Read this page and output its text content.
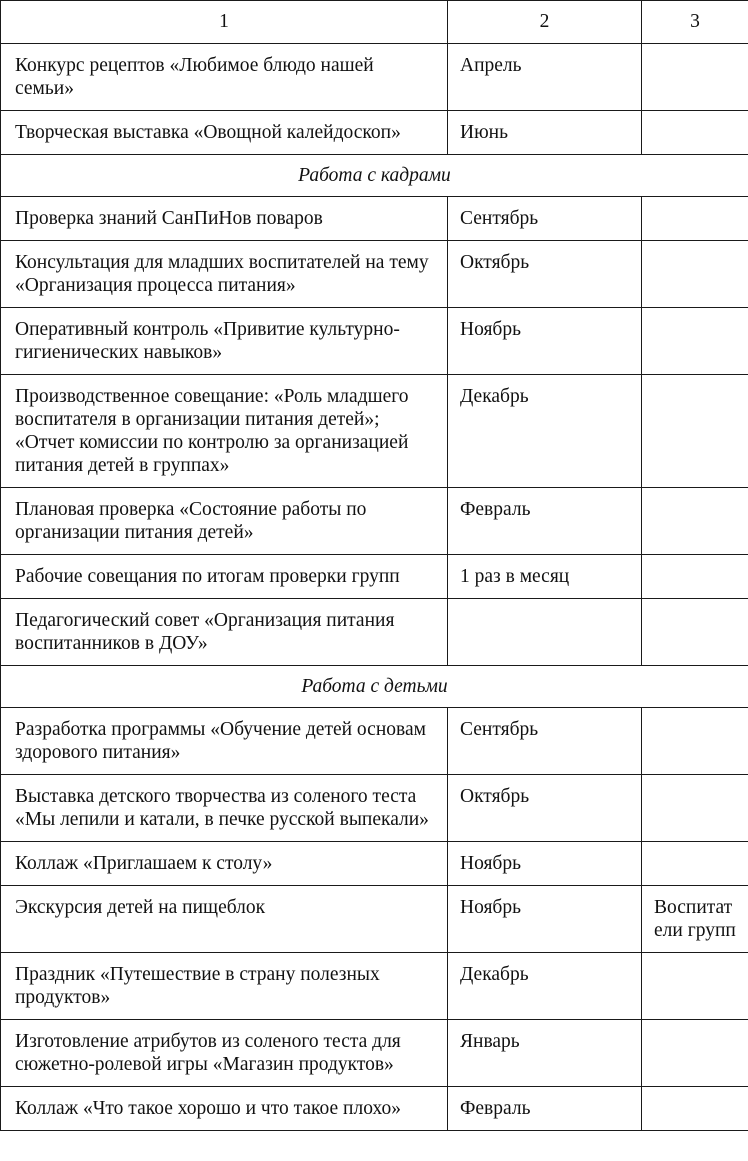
1	2	3
Конкурс рецептов «Любимое блюдо нашей семьи»	Апрель	
Творческая выставка «Овощной калейдоскоп»	Июнь	
Работа с кадрами		
Проверка знаний СанПиНов поваров	Сентябрь	
Консультация для младших воспитателей на тему «Организация процесса питания»	Октябрь	
Оперативный контроль «Привитие культурно-гигиенических навыков»	Ноябрь	
Производственное совещание: «Роль младшего воспитателя в организации питания детей»; «Отчет комиссии по контролю за организацией питания детей в группах»	Декабрь	
Плановая проверка «Состояние работы по организации питания детей»	Февраль	
Рабочие совещания по итогам проверки групп	1 раз в месяц	
Педагогический совет «Организация питания воспитанников в ДОУ»		
Работа с детьми		
Разработка программы «Обучение детей основам здорового питания»	Сентябрь	
Выставка детского творчества из соленого теста «Мы лепили и катали, в печке русской выпекали»	Октябрь	
Коллаж «Приглашаем к столу»	Ноябрь	
Экскурсия детей на пищеблок	Ноябрь	Воспитатели групп
Праздник «Путешествие в страну полезных продуктов»	Декабрь	
Изготовление атрибутов из соленого теста для сюжетно-ролевой игры «Магазин продуктов»	Январь	
Коллаж «Что такое хорошо и что такое плохо»	Февраль	
